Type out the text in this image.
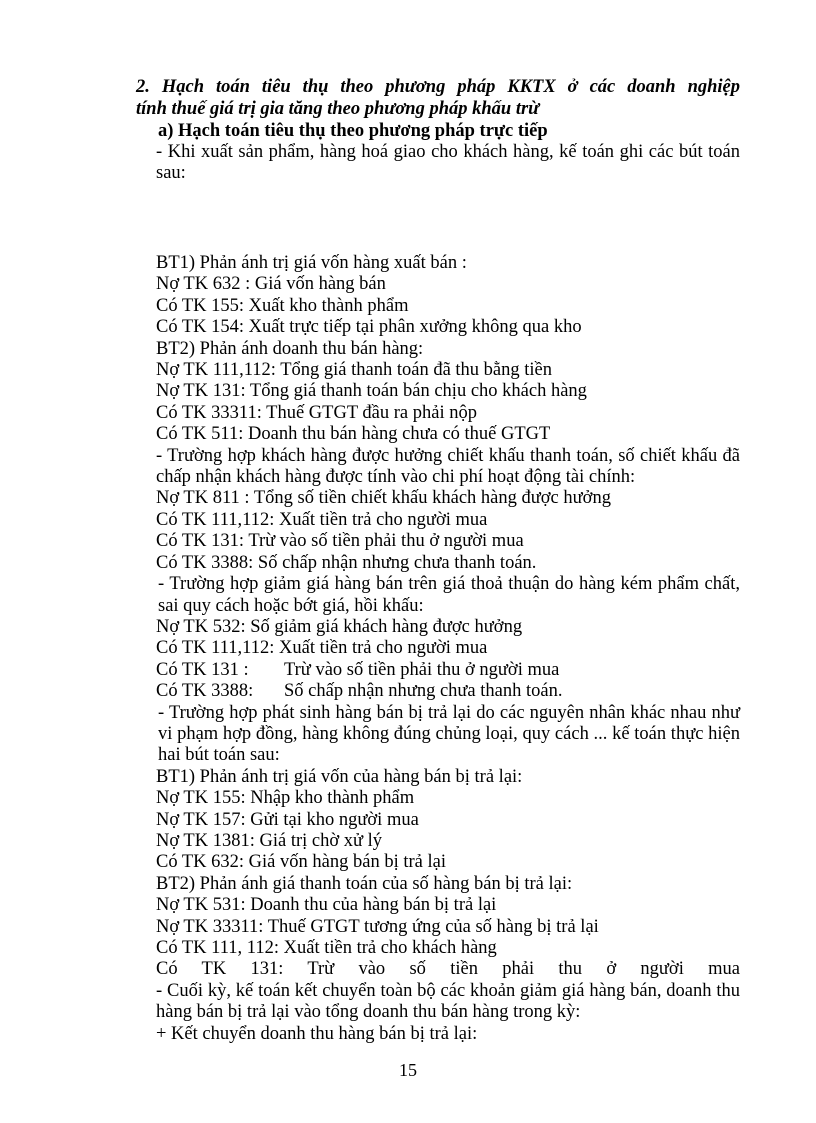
2. Hạch toán tiêu thụ theo phương pháp KKTX ở các doanh nghiệp
tính thuế giá trị gia tăng theo phương pháp khấu trừ
a) Hạch toán tiêu thụ theo phương pháp trực tiếp
- Khi xuất sản phẩm, hàng hoá giao cho khách hàng, kế toán ghi các bút toán sau:
BT1) Phản ánh trị giá vốn hàng xuất bán :
Nợ TK 632 : Giá vốn hàng bán
Có TK 155: Xuất kho thành phẩm
Có TK 154: Xuất trực tiếp tại phân xưởng không qua kho
BT2) Phản ánh doanh thu bán hàng:
Nợ TK 111,112: Tổng giá thanh toán đã thu bằng tiền
Nợ TK 131: Tổng giá thanh toán bán chịu cho khách hàng
Có TK 33311: Thuế GTGT đầu ra phải nộp
Có TK 511: Doanh thu bán hàng chưa có thuế GTGT
- Trường hợp khách hàng được hưởng chiết khấu thanh toán, số chiết khấu đã chấp nhận khách hàng được tính vào chi phí hoạt động tài chính:
Nợ TK 811 : Tổng số tiền chiết khấu khách hàng được hưởng
Có TK 111,112: Xuất tiền trả cho người mua
Có TK 131: Trừ vào số tiền phải thu ở người mua
Có TK 3388: Số chấp nhận nhưng chưa thanh toán.
- Trường hợp giảm giá hàng bán trên giá thoả thuận do hàng kém phẩm chất, sai quy cách hoặc bớt giá, hồi khấu:
Nợ TK 532: Số giảm giá khách hàng được hưởng
Có TK 111,112: Xuất tiền trả cho người mua
Có TK 131 : Trừ vào số tiền phải thu ở người mua
Có TK 3388: Số chấp nhận nhưng chưa thanh toán.
- Trường hợp phát sinh hàng bán bị trả lại do các nguyên nhân khác nhau như vi phạm hợp đồng, hàng không đúng chủng loại, quy cách ... kế toán thực hiện hai bút toán sau:
BT1) Phản ánh trị giá vốn của hàng bán bị trả lại:
Nợ TK 155: Nhập kho thành phẩm
Nợ TK 157: Gửi tại kho người mua
Nợ TK 1381: Giá trị chờ xử lý
Có TK 632: Giá vốn hàng bán bị trả lại
BT2) Phản ánh giá thanh toán của số hàng bán bị trả lại:
Nợ TK 531: Doanh thu của hàng bán bị trả lại
Nợ TK 33311: Thuế GTGT tương ứng của số hàng bị trả lại
Có TK 111, 112: Xuất tiền trả cho khách hàng
Có TK 131: Trừ vào số tiền phải thu ở người mua
- Cuối kỳ, kế toán kết chuyển toàn bộ các khoản giảm giá hàng bán, doanh thu hàng bán bị trả lại vào tổng doanh thu bán hàng trong kỳ:
+ Kết chuyển doanh thu hàng bán bị trả lại:
15
